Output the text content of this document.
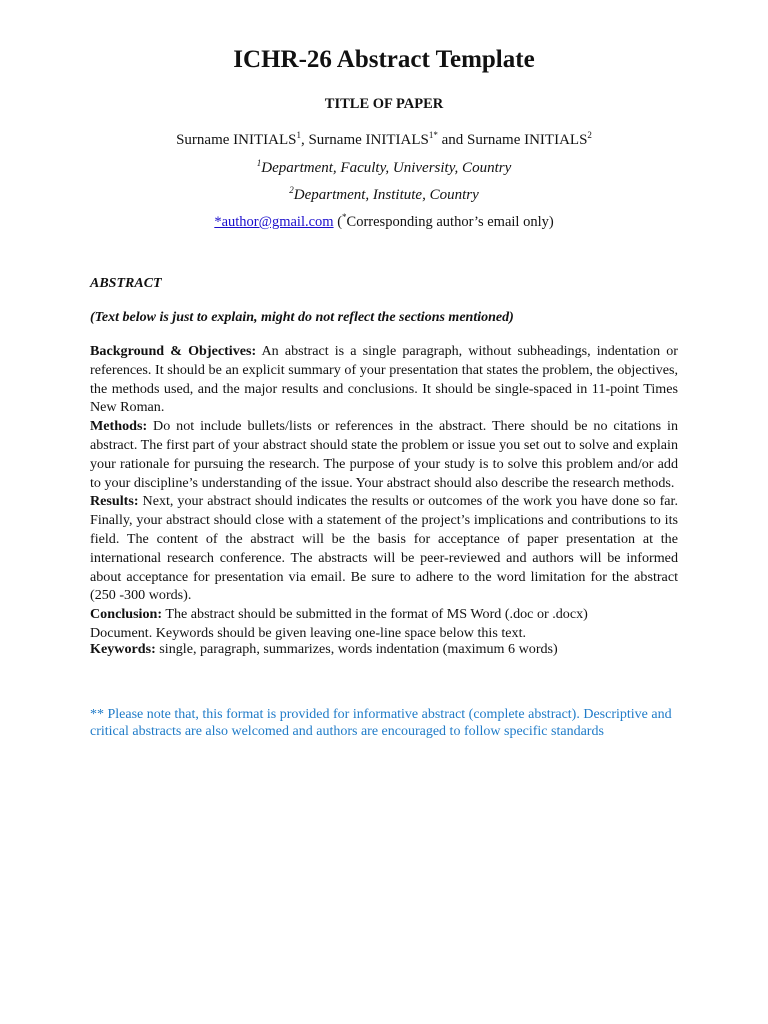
ICHR-26 Abstract Template
TITLE OF PAPER
Surname INITIALS$^1$, Surname $INITIALS^{1*}$ and Surname INITIALS$^2$
$^1$Department, Faculty, University, Country
$^2$Department, Institute, Country
*author@gmail.com (*Corresponding author’s email only)
ABSTRACT
(Text below is just to explain, might do not reflect the sections mentioned)

Background & Objectives: An abstract is a single paragraph, without subheadings, indentation or references. It should be an explicit summary of your presentation that states the problem, the objectives, the methods used, and the major results and conclusions. It should be single-spaced in 11-point Times New Roman.

Methods: Do not include bullets/lists or references in the abstract. There should be no citations in abstract. The first part of your abstract should state the problem or issue you set out to solve and explain your rationale for pursuing the research. The purpose of your study is to solve this problem and/or add to your discipline’s understanding of the issue. Your abstract should also describe the research methods.

Results: Next, your abstract should indicates the results or outcomes of the work you have done so far. Finally, your abstract should close with a statement of the project’s implications and contributions to its field. The content of the abstract will be the basis for acceptance of paper presentation at the international research conference. The abstracts will be peer-reviewed and authors will be informed about acceptance for presentation via email. Be sure to adhere to the word limitation for the abstract (250 -300 words).

Conclusion: The abstract should be submitted in the format of MS Word (.doc or .docx)

Document. Keywords should be given leaving one-line space below this text.

Keywords: single, paragraph, summarizes, words indentation (maximum 6 words)
** Please note that, this format is provided for informative abstract (complete abstract). Descriptive and critical abstracts are also welcomed and authors are encouraged to follow specific standards
